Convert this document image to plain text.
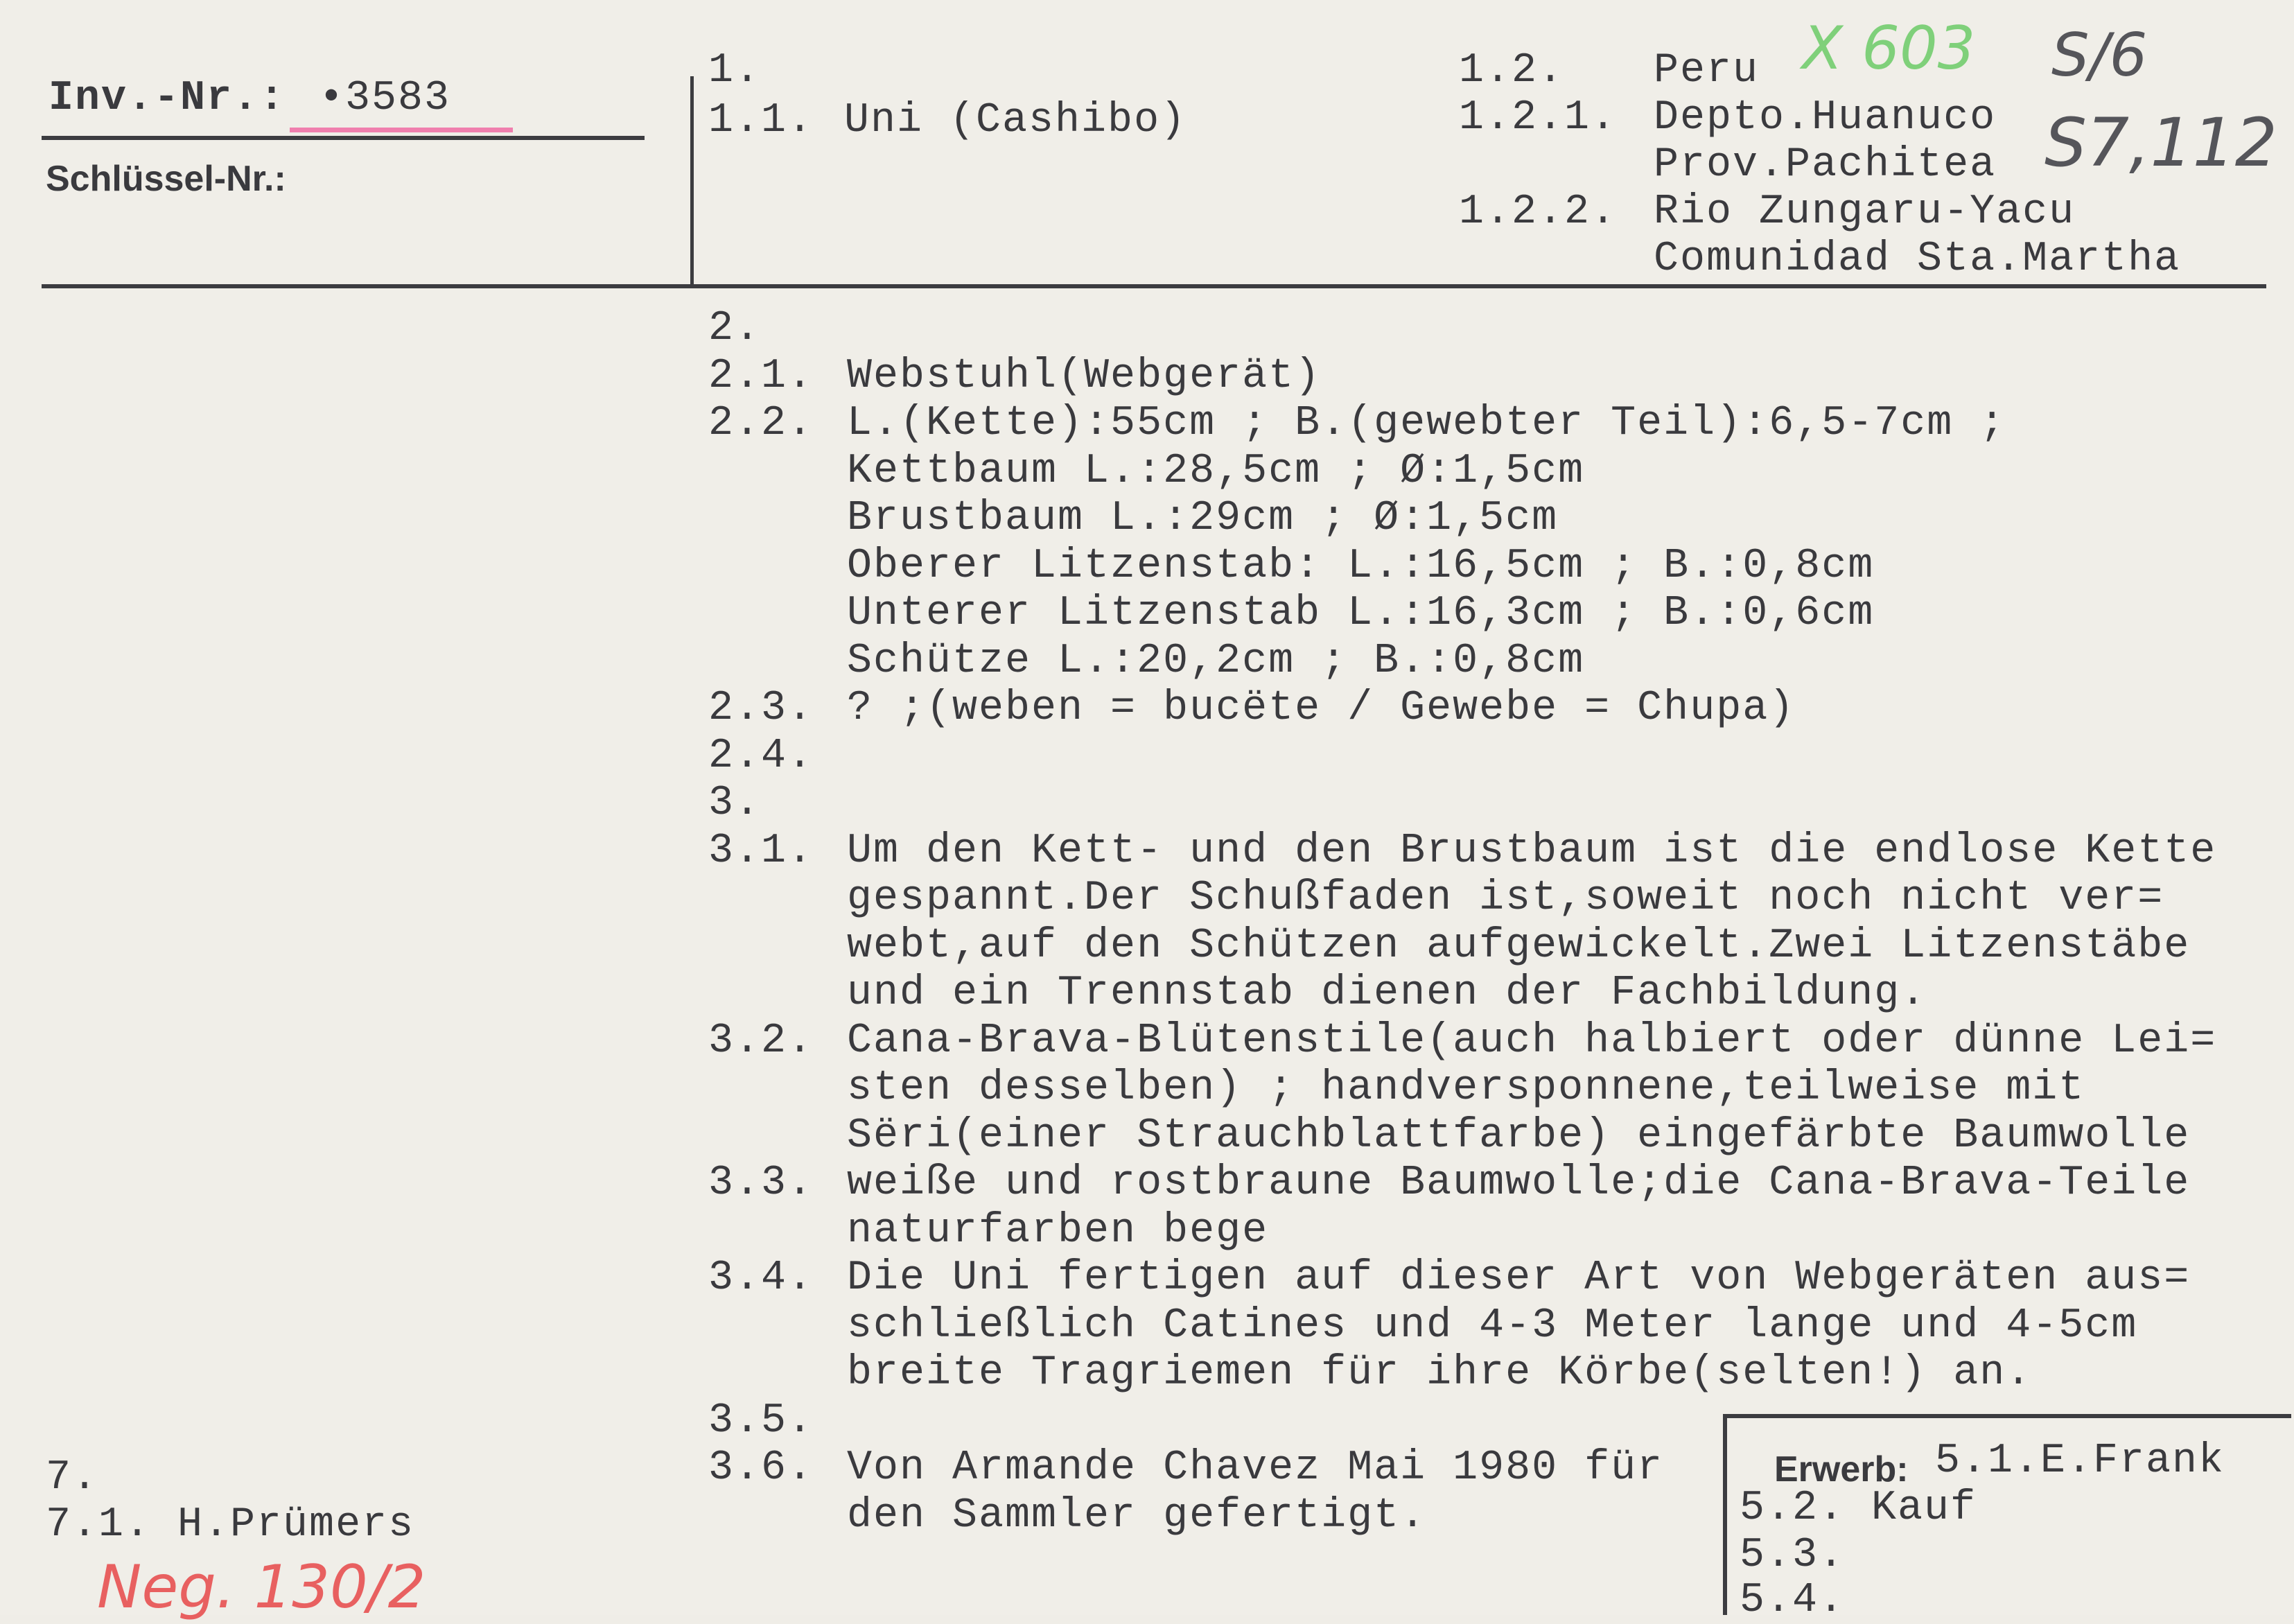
Inv.-Nr.: •3583
Schlüssel-Nr.:
1.
1.1. Uni (Cashibo)
1.2. Peru
1.2.1. Depto.Huanuco
Prov.Pachitea
1.2.2. Rio Zungaru-Yacu
Comunidad Sta.Martha
X 603 S/6
S7,112
2.
2.1. Webstuhl(Webgerät)
2.2. L.(Kette):55cm ; B.(gewebter Teil):6,5-7cm ;
Kettbaum L.:28,5cm ; Ø:1,5cm
Brustbaum L.:29cm ; Ø:1,5cm
Oberer Litzenstab: L.:16,5cm ; B.:0,8cm
Unterer Litzenstab L.:16,3cm ; B.:0,6cm
Schütze L.:20,2cm ; B.:0,8cm
2.3. ? ;(weben = bucëte / Gewebe = Chupa)
2.4.
3.
3.1. Um den Kett- und den Brustbaum ist die endlose Kette
gespannt.Der Schußfaden ist,soweit noch nicht ver=
webt,auf den Schützen aufgewickelt.Zwei Litzenstäbe
und ein Trennstab dienen der Fachbildung.
3.2. Cana-Brava-Blütenstile(auch halbiert oder dünne Lei=
sten desselben) ; handversponnene,teilweise mit
Sëri(einer Strauchblattfarbe) eingefärbte Baumwolle
3.3. weiße und rostbraune Baumwolle;die Cana-Brava-Teile
naturfarben bege
3.4. Die Uni fertigen auf dieser Art von Webgeräten aus=
schließlich Catines und 4-3 Meter lange und 4-5cm
breite Tragriemen für ihre Körbe(selten!) an.
3.5.
3.6. Von Armande Chavez Mai 1980 für
den Sammler gefertigt.
7.
7.1. H.Prümers
Neg. 130/2
Erwerb: 5.1.E.Frank
5.2. Kauf
5.3.
5.4.
